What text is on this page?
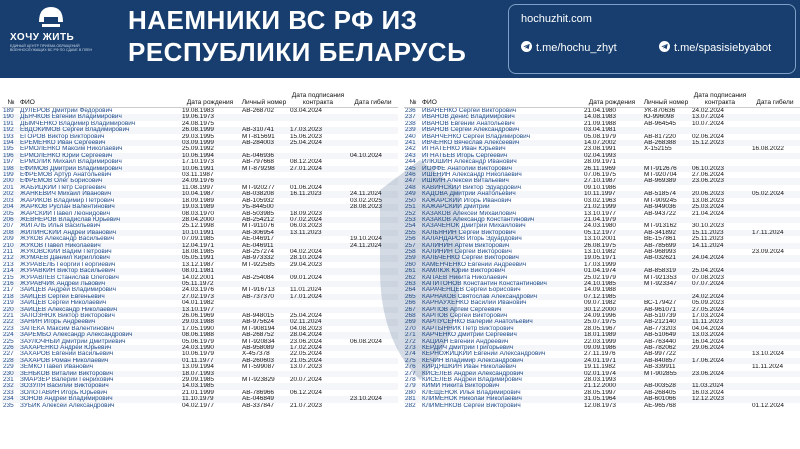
ХОЧУ ЖИТЬ
ЕДИНЫЙ ЦЕНТР ПРИЕМА ОБРАЩЕНИЙ ВОЕННОСЛУЖАЩИХ ВС РФ ПО СДАЧЕ В ПЛЕН
НАЕМНИКИ ВС РФ ИЗ РЕСПУБЛИКИ БЕЛАРУСЬ
hochuzhit.com
t.me/hochu_zhyt	t.me/spasisiebyabot
№	ФИО	Дата рождения	Личный номер	Дата подписания контракта	Дата гибели
189	ДУЛЕРОВ Дмитрий Федорович	19.08.1983	АВ-268702	03.04.2024	
190	ДЬЯЧКОВ Евгений Владимирович	19.06.1973			
191	ДЫМЧЕНКО Владимир Владимирович	24.08.1975			
192	ЕВДОКИМОВ Сергей Владимирович	26.08.1999	АВ-310741	17.03.2023	
193	ЕГОРОВ Виктор Викторович	29.03.1995	МТ-815691	15.06.2023	
194	ЕРЁМЕНКО Иван Сергеевич	03.09.1999	АВ-284003	25.04.2024	
195	ЕРМОЛЕНКО Максим Николаевич	25.09.1992			
196	ЕРМОЛЕНКО Юрий Сергеевич	10.06.1994	АЕ-046936		04.10.2024
197	ЕРМОЛИК Михаил Владимирович	17.10.1973	АВ-797668	08.12.2024	
198	ЕФИМОВ Дмитрий Владимирович	10.06.1991	МТ-879298	27.01.2024	
199	ЕФРЕМОВ Артур Анатольевич	03.11.1987			
200	ЕФРЕМОВ Олег Борисович	24.09.1976			
201	ЖАБИЦКИЙ Петр Сергеевич	11.08.1997	МТ-920277	01.06.2024	
202	ЖАНКЕВИЧ Михаил Иванович	10.04.1987	АВ-038208	16.11.2023	24.11.2024
203	ЖАРИКОВ Владимир Петрович	18.09.1989	АВ-105932		03.02.2025
204	ЖАРКОВ Руслан Валентинович	19.03.1989	УБ-844500		28.08.2023
205	ЖАРСКИЙ Павел Леонидович	08.03.1970	АВ-503985	18.09.2023	
206	ЖЕВНЕРОВ Владислав Юрьевич	28.04.2000	АВ-254212	07.02.2024	
207	ЖИГАЛЬ Илья Васильевич	25.12.1998	МТ-911076	06.03.2023	
208	ЖИЛИНСКИЙ Андрей Иванович	10.10.1991	АВ-306954	13.11.2023	
209	ЖУКОВ Александр Васильевич	07.09.1985	АЕ-046917		19.10.2024
210	ЖУКОВ Павел Николаевич	12.04.1971	АЕ-046911		24.11.2024
211	ЖУКОВСКИЙ Вадим Петрович	18.08.1985	АВ-257274	04.02.2024	
212	ЖУМАЕВ Даниил Кириллович	05.05.1991	АВ-973332	28.10.2024	
213	ЖУРАВЕЛЬ Георгий Георгиевич	13.12.1987	МТ-922585	29.04.2023	
214	ЖУРАВКИН Виктор Васильевич	08.01.1981			
215	ЖУРАВЛЕВ Станислав Олегович	14.02.2001	АВ-254084	09.01.2024	
216	ЖУРАВЧИК Андрей Львович	05.11.1972			
217	ЗАИЦЕВ Андрей Владимирович	24.03.1976	МТ-916713	11.01.2024	
218	ЗАЙЦЕВ Сергей Евгеньевич	27.02.1973	АВ-737370	17.01.2024	
219	ЗАЙЦЕВ Сергей Николаевич	04.01.1982			
220	ЗАЙЦЕВ Александр Николаевич	13.10.1977			
221	ЗАЛОЗНЮК Виктор Викторович	26.06.1969	АВ-948015	25.04.2024	
222	ЗАНИН Игорь Андреевич	29.03.1988	АВ-975624	02.11.2024	
223	ЗАПЕКА Максим Валентинович	17.05.1990	МТ-908194	04.08.2023	
224	ЗАРЕМБО Александр Александрович	08.06.1988	АВ-268752	28.04.2024	
225	ЗАУЛОЧНЫЙ Дмитрий Дмитриевич	05.06.1979	МТ-920834	23.06.2024	06.08.2024
226	ЗАХАРЕНКО Андрей Юрьевич	24.03.1990	АВ-958089	17.02.2024	
227	ЗАХАРОВ Евгений Васильевич	10.06.1979	Х-457378	22.05.2024	
228	ЗАХАРОВ Роман Николаевич	01.11.1977	АВ-260603	21.05.2024	
229	ЗЕМКО Павел Иванович	13.09.1994	МТ-599087	13.07.2023	
230	ЗЕНЬКОВ Виталий Викторович	18.07.1993			
231	ЗМАРЗЕР Валерий Генрихович	29.09.1985	МТ-923829	20.07.2024	
232	ЗОЗУЛЯ Василий Викторович	14.03.1985			
233	ЗОЛОТАВИН Игорь Юрьевич	21.01.1999	АВ-786966	06.12.2024	
234	ЗОНОВ Андрей Владимирович	11.10.1979	АЕ-046849		23.10.2024
235	ЗУБИК Алексей Александрович	04.02.1977	АВ-337847	21.07.2023	
№	ФИО	Дата рождения	Личный номер	Дата подписания контракта	Дата гибели
236	ИВАНЕНКО Сергей Викторович	21.04.1980	УК-870636	24.02.2024	
237	ИВАНОВ Денис Владимирович	14.08.1983	Ю-996098	13.07.2024	
238	ИВАНОВ Евгений Анатольевич	21.09.1988	АВ-964545	10.07.2024	
239	ИВАНОВ Сергей Александрович	03.04.1981			
240	ИВАНЧЕНКО Сергей Владимирович	05.08.1979	АВ-817220	02.06.2024	
241	ИВЧЕНКО Вячеслав Алексеевич	14.07.2002	АВ-268388	15.12.2023	
242	ИГНАТЕНКО Иван Юрьевич	23.08.1991	Х-152155		16.08.2022
243	ИГНАТЬЕВ Игорь Сергеевич	02.04.1993			
244	ИЛЮШИН Александр Иванович	28.09.1971			
245	ИОФФЕ Анатолий Викторович	26.11.1969	МТ-912676	06.10.2023	
246	ИШЕНИН Александр Николаевич	07.06.1975	МТ-920704	27.06.2024	
247	ИШКИН Алексей Витальевич	27.10.1987	АВ-969389	23.06.2023	
248	КАВИНСКИЙ Виктор Эдуардович	09.10.1986			
249	КАДОВА Дмитрий Анатольевич	10.11.1997	АВ-518574	20.06.2023	05.02.2024
250	КАЖАРСКИЙ Игорь Иванович	03.02.1963	МТ-909245	13.08.2023	
251	КАЖАРСКИЙ Дмитрий	21.02.1999	АВ-949036	25.03.2024	
252	КАЗАКОВ Алексей Михайлович	13.10.1977	АВ-943722	21.04.2024	
253	КАЗАКОВ Александр Константинович	21.04.1979			
254	КАЗАЧЕНОК Дмитрий Михайлович	24.03.1980	МТ-913162	30.10.2023	
255	КАЛЬЯНИН Сергей Викторович	05.12.1977	АВ-341892	15.11.2023	17.11.2024
256	КАЛАНДАРОВ Игорь Эдуардович	13.10.2001	ВЕ-157861	25.11.2023	
257	КАЛИНИН Артем Викторович	26.08.1975	АВ-785699	14.11.2024	
258	КАЛИНИН Сергей Викторович	13.10.1982	АВ-968993		23.09.2024
259	КАЛЬЧЕНКО Сергей Викторович	19.05.1971	АВ-032621	24.04.2024	
260	КАМЕНЧЕНКО Евгений Андреевич	17.03.1999			
261	КАМЛЮК Юрий Викторович	01.04.1974	АВ-858319	25.04.2024	
262	КАПАЕВ Никита Николаевич	25.02.1979	МТ-921353	07.08.2023	
263	КАПИТОНОВ Константин Константинович	24.10.1985	МТ-923347	07.07.2024	
264	КАРАЧЕНЦЕВ Сергей Борисович	14.09.1988			
265	КАРНАКОВ Святослав Александрович	07.12.1985		24.02.2024	
266	КАРНАУХЕНКО Василий Иванович	09.07.1982	ВС-179427	05.09.2023	
267	КАРПОВ Артем Сергеевич	30.12.2000	АВ-961071	27.05.2024	
268	КАРПОВ Сергей Викторович	24.09.1996	АВ-510739	17.03.2024	
269	КАРПУСЕНКО Валерий Анатольевич	25.07.1975	АВ-212140	11.11.2023	
270	КАРТЫННИК Петр Викторович	28.05.1967	АВ-773203	04.04.2024	
271	КАРЧЕНКО Дмитрий Сергеевич	18.01.1989	АВ-510649	13.03.2024	
272	КАЦИАН Евгений Андреевич	22.03.1999	АВ-763440	16.04.2024	
273	КЕРДИЧ Дмитрий Григорьевич	09.09.1986	АВ-782062	29.06.2024	
274	КЕРНОЖИЦКИЙ Евгений Александрович	27.11.1976	АВ-997722		13.10.2024
275	КЕЧИН Владимир Александрович	24.01.1971	АВ-840857	17.06.2024	
276	КИРДЯШКИН Иван Николаевич	19.11.1982	АВ-339911		11.11.2024
277	КИСЕЛЕВ Андрей Александрович	02.01.1974	МТ-902855	23.06.2024	
278	КИСЕЛЁВ Андрей Владимирович	28.03.1993			
279	КИМИ Никита Викторович	21.12.2000	АВ-003528	11.03.2024	
280	КЛЕЩЕНОК Илья Владимирович	28.05.1997	АВ-268405	16.03.2024	
281	КЛИМЕНОК Николай Николаевич	31.05.1964	АВ-601066	12.12.2023	
282	КЛИМЕНКОВ Сергей Викторович	12.08.1973	АЕ-965768		01.12.2024
